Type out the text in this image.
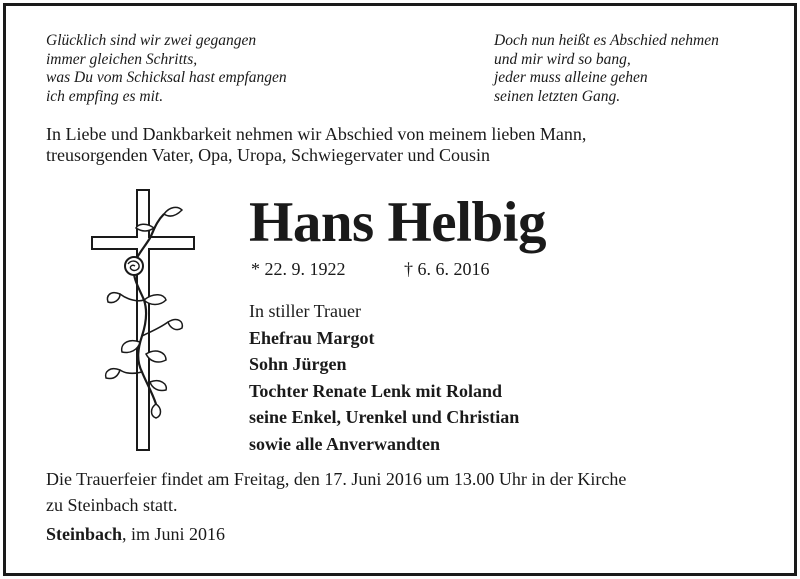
Glücklich sind wir zwei gegangen
immer gleichen Schritts,
was Du vom Schicksal hast empfangen
ich empfing es mit.
Doch nun heißt es Abschied nehmen
und mir wird so bang,
jeder muss alleine gehen
seinen letzten Gang.
In Liebe und Dankbarkeit nehmen wir Abschied von meinem lieben Mann,
treusorgenden Vater, Opa, Uropa, Schwiegervater und Cousin
Hans Helbig
* 22. 9. 1922	† 6. 6. 2016
In stiller Trauer
Ehefrau Margot
Sohn Jürgen
Tochter Renate Lenk mit Roland
seine Enkel, Urenkel und Christian
sowie alle Anverwandten
Die Trauerfeier findet am Freitag, den 17. Juni 2016 um 13.00 Uhr in der Kirche
zu Steinbach statt.
Steinbach, im Juni 2016
